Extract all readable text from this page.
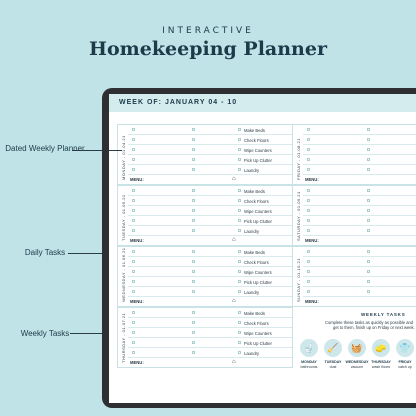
INTERACTIVE
Homekeeping Planner
Dated Weekly Planner
Daily Tasks
Weekly Tasks
WEEK OF: JANUARY 04 - 10
MONDAY - 01.04.21
Make Beds
Check Floors
Wipe Counters
Pick Up Clutter
Laundry
MENU:
⌂
TUESDAY - 01.05.21
Make Beds
Check Floors
Wipe Counters
Pick Up Clutter
Laundry
MENU:
⌂
WEDNESDAY - 01.06.21	Make Beds
Check Floors
Wipe Counters
Pick Up Clutter
Laundry
MENU:
⌂
THURSDAY - 01.07.21	Make Beds
Check Floors
Wipe Counters
Pick Up Clutter
Laundry
MENU:
⌂
FRIDAY - 01.08.21 MENU:
SATURDAY - 01.09.21 MENU:
SUNDAY - 01.10.21 MENU:
WEEKLY TASKS
Complete these tasks as quickly as possible and
get to them, finish up on Friday or next week.
🚽
MONDAY
bathrooms
🧹
TUESDAY
dust
🧺
WEDNESDAY
vacuum
🧽
THURSDAY
wash floors
👕
FRIDAY
catch up
